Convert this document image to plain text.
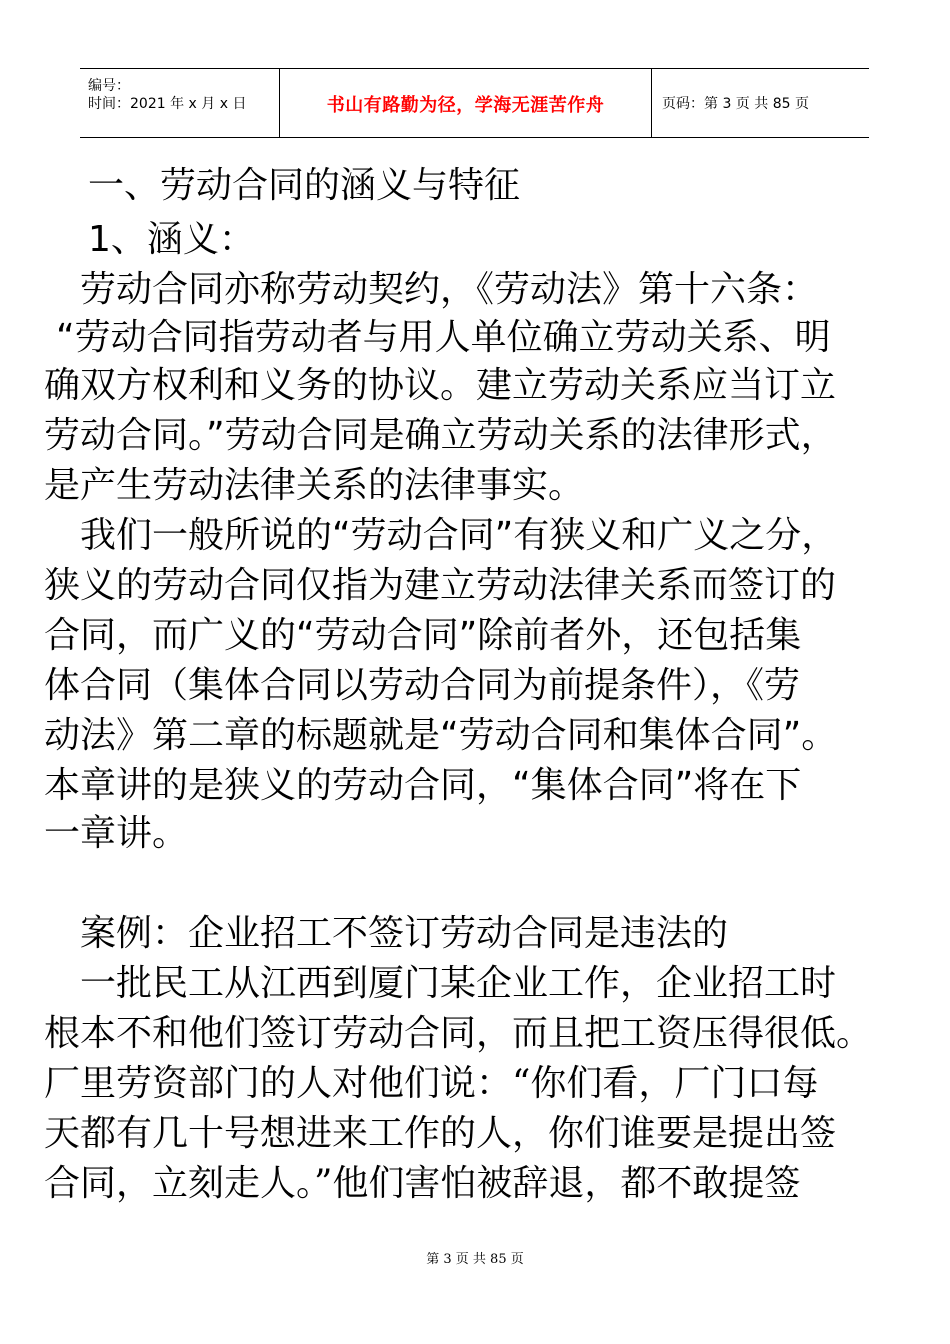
编号：
时间：2021 年 x 月 x 日	书山有路勤为径，学海无涯苦作舟	页码：第 3 页 共 85 页
一、劳动合同的涵义与特征
1、涵义：
劳动合同亦称劳动契约，《劳动法》第十六条：
“劳动合同指劳动者与用人单位确立劳动关系、明
确双方权利和义务的协议。建立劳动关系应当订立
劳动合同。”劳动合同是确立劳动关系的法律形式，
是产生劳动法律关系的法律事实。
我们一般所说的“劳动合同”有狭义和广义之分，
狭义的劳动合同仅指为建立劳动法律关系而签订的
合同，而广义的“劳动合同”除前者外，还包括集
体合同（集体合同以劳动合同为前提条件），《劳
动法》第二章的标题就是“劳动合同和集体合同”。
本章讲的是狭义的劳动合同，“集体合同”将在下
一章讲。
案例：企业招工不签订劳动合同是违法的
一批民工从江西到厦门某企业工作，企业招工时
根本不和他们签订劳动合同，而且把工资压得很低。
厂里劳资部门的人对他们说：“你们看，厂门口每
天都有几十号想进来工作的人，你们谁要是提出签
合同，立刻走人。”他们害怕被辞退，都不敢提签
第 3 页 共 85 页
